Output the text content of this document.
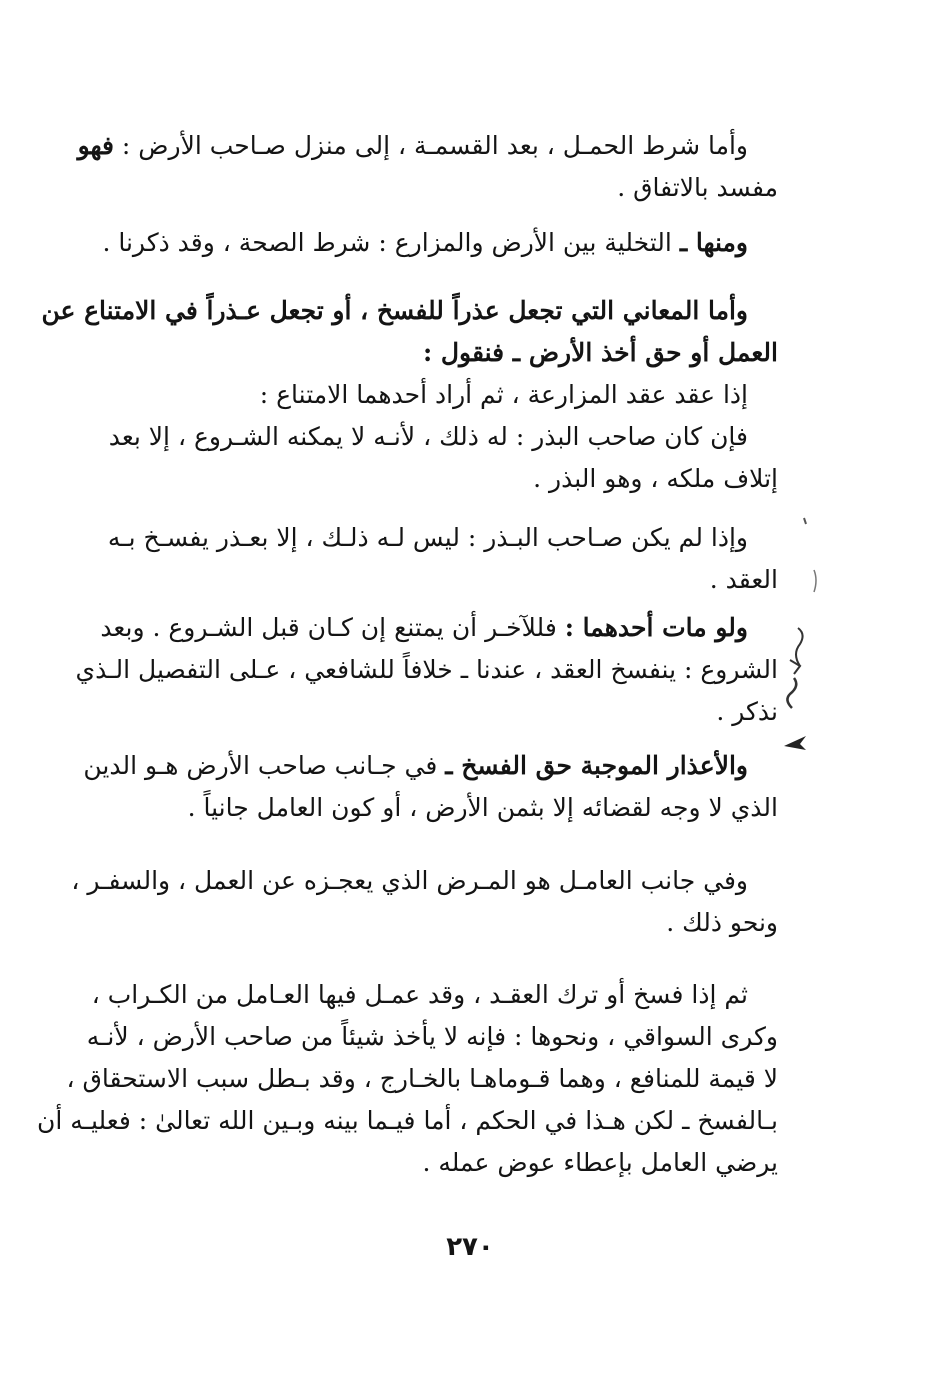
وأما شرط الحمـل ، بعد القسمـة ، إلى منزل صـاحب الأرض : فهو
مفسد بالاتفاق .
ومنها ـ التخلية بين الأرض والمزارع : شرط الصحة ، وقد ذكرنا .
وأما المعاني التي تجعل عذراً للفسخ ، أو تجعل عـذراً في الامتناع عن
العمل أو حق أخذ الأرض ـ فنقول :
إذا عقد عقد المزارعة ، ثم أراد أحدهما الامتناع :
فإن كان صاحب البذر : له ذلك ، لأنـه لا يمكنه الشـروع ، إلا بعد
إتلاف ملكه ، وهو البذر .
وإذا لم يكن صـاحب البـذر : ليس لـه ذلـك ، إلا بعـذر يفسـخ بـه
العقد .
ولو مات أحدهما : فللآخـر أن يمتنع إن كـان قبل الشـروع . وبعد
الشروع : ينفسخ العقد ، عندنا ـ خلافاً للشافعي ، عـلى التفصيل الـذي
نذكر .
والأعذار الموجبة حق الفسخ ـ في جـانب صاحب الأرض هـو الدين
الذي لا وجه لقضائه إلا بثمن الأرض ، أو كون العامل جانياً .
وفي جانب العامـل هو المـرض الذي يعجـزه عن العمل ، والسفـر ،
ونحو ذلك .
ثم إذا فسخ أو ترك العقـد ، وقد عمـل فيها العـامل من الكـراب ،
وكرى السواقي ، ونحوها : فإنه لا يأخذ شيئاً من صاحب الأرض ، لأنـه
لا قيمة للمنافع ، وهما قـوماهـا بالخـارج ، وقد بـطل سبب الاستحقاق ،
بـالفسخ ـ لكن هـذا في الحكم ، أما فيـما بينه وبـين الله تعالىٰ : فعليـه أن
يرضي العامل بإعطاء عوض عمله .
٢٧٠
